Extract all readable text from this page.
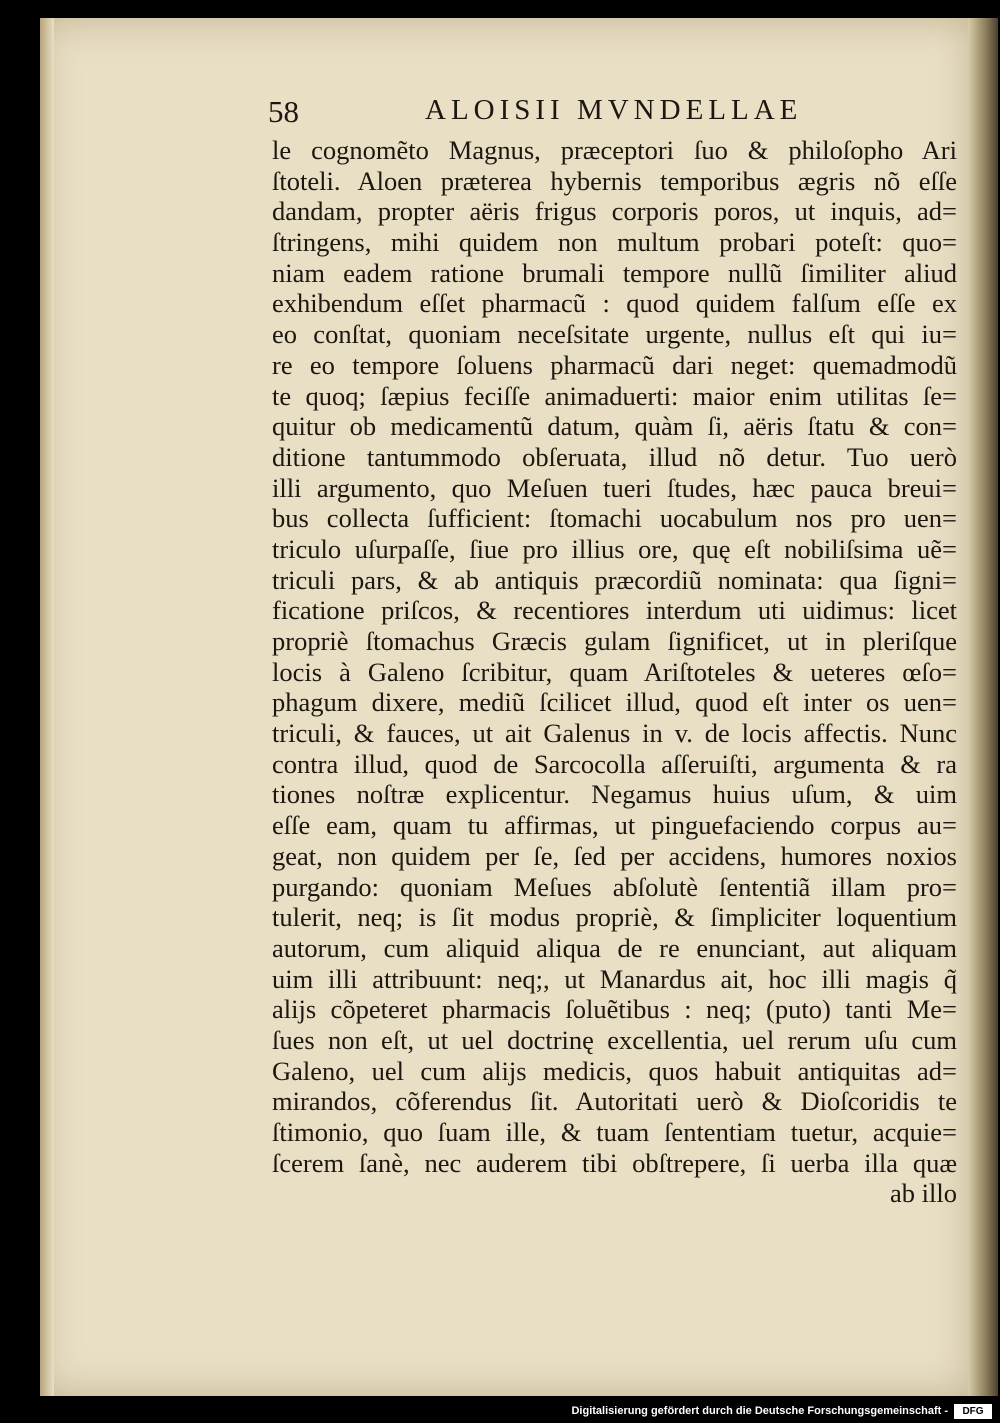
58	ALOISII MVNDELLAE
le cognomẽto Magnus, præceptori ſuo & philoſopho Ari
ſtoteli. Aloen præterea hybernis temporibus ægris nõ eſſe
dandam, propter aëris frigus corporis poros, ut inquis, ad=
ſtringens, mihi quidem non multum probari poteſt: quo=
niam eadem ratione brumali tempore nullũ ſimiliter aliud
exhibendum eſſet pharmacũ : quod quidem falſum eſſe ex
eo conſtat, quoniam neceſsitate urgente, nullus eſt qui iu=
re eo tempore ſoluens pharmacũ dari neget: quemadmodũ
te quoq; ſæpius feciſſe animaduerti: maior enim utilitas ſe=
quitur ob medicamentũ datum, quàm ſi, aëris ſtatu & con=
ditione tantummodo obſeruata, illud nõ detur. Tuo uerò
illi argumento, quo Meſuen tueri ſtudes, hæc pauca breui=
bus collecta ſufficient: ſtomachi uocabulum nos pro uen=
triculo uſurpaſſe, ſiue pro illius ore, quę eſt nobiliſsima uẽ=
triculi pars, & ab antiquis præcordiũ nominata: qua ſigni=
ficatione priſcos, & recentiores interdum uti uidimus: licet
propriè ſtomachus Græcis gulam ſignificet, ut in pleriſque
locis à Galeno ſcribitur, quam Ariſtoteles & ueteres œſo=
phagum dixere, mediũ ſcilicet illud, quod eſt inter os uen=
triculi, & fauces, ut ait Galenus in v. de locis affectis. Nunc
contra illud, quod de Sarcocolla aſſeruiſti, argumenta & ra
tiones noſtræ explicentur. Negamus huius uſum, & uim
eſſe eam, quam tu affirmas, ut pinguefaciendo corpus au=
geat, non quidem per ſe, ſed per accidens, humores noxios
purgando: quoniam Meſues abſolutè ſententiã illam pro=
tulerit, neq; is ſit modus propriè, & ſimpliciter loquentium
autorum, cum aliquid aliqua de re enunciant, aut aliquam
uim illi attribuunt: neq;, ut Manardus ait, hoc illi magis q̃
alijs cõpeteret pharmacis ſoluẽtibus : neq; (puto) tanti Me=
ſues non eſt, ut uel doctrinę excellentia, uel rerum uſu cum
Galeno, uel cum alijs medicis, quos habuit antiquitas ad=
mirandos, cõferendus ſit. Autoritati uerò & Dioſcoridis te
ſtimonio, quo ſuam ille, & tuam ſententiam tuetur, acquie=
ſcerem ſanè, nec auderem tibi obſtrepere, ſi uerba illa quæ
ab illo
Digitalisierung gefördert durch die Deutsche Forschungsgemeinschaft -	DFG
